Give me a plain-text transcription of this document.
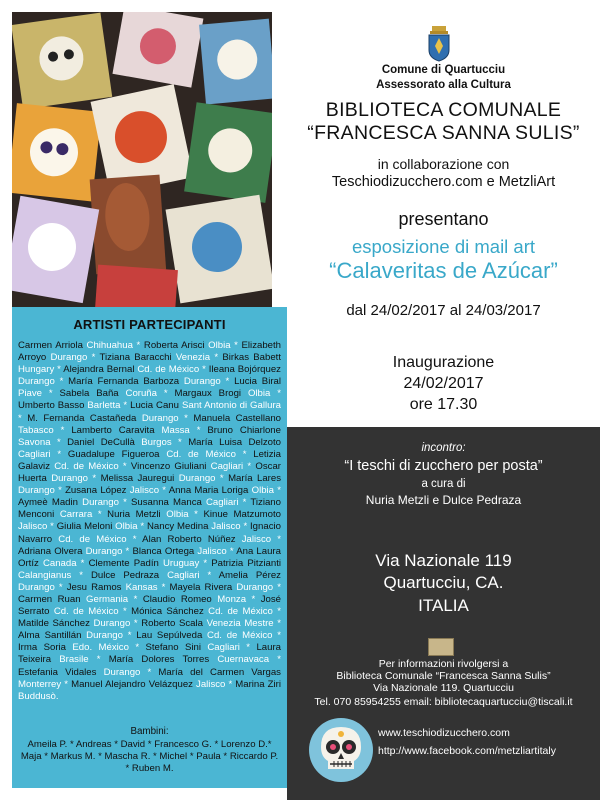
ARTISTI PARTECIPANTI
Carmen Arriola Chihuahua * Roberta Arisci Olbia * Elizabeth Arroyo Durango * Tiziana Baracchi Venezia * Birkas Babett Hungary * Alejandra Bernal Cd. de México * Ileana Bojórquez Durango * María Fernanda Barboza Durango * Lucia Biral Piave * Sabela Baña Coruña * Margaux Brogi Olbia * Umberto Basso Barletta * Lucia Canu Sant Antonio di Gallura * M. Fernanda Castañeda Durango * Manuela Castellano Tabasco * Lamberto Caravita Massa * Bruno Chiarlone Savona * Daniel DeCullà Burgos * María Luisa Delzoto Cagliari * Guadalupe Figueroa Cd. de México * Letizia Galaviz Cd. de México * Vincenzo Giuliani Cagliari * Oscar Huerta Durango * Melissa Jauregui Durango * María Lares Durango * Zusana López Jalisco * Anna Maria Loriga Olbia * Aymeè Madin Durango * Susanna Manca Cagliari * Tiziano Menconi Carrara * Nuria Metzli Olbia * Kinue Matzumoto Jalisco * Giulia Meloni Olbia * Nancy Medina Jalisco * Ignacio Navarro Cd. de México * Alan Roberto Núñez Jalisco * Adriana Olvera Durango * Blanca Ortega Jalisco * Ana Laura Ortíz Canada * Clemente Padín Uruguay * Patrizia Pitzianti Calangianus * Dulce Pedraza Cagliari * Amelia Pérez Durango * Jesu Ramos Kansas * Mayela Rivera Durango * Carmen Ruan Germania * Claudio Romeo Monza * José Serrato Cd. de México * Mónica Sánchez Cd. de México * Matilde Sánchez Durango * Roberto Scala Venezia Mestre * Alma Santillán Durango * Lau Sepúlveda Cd. de México * Irma Soria Edo. México * Stefano Sini Cagliari * Laura Teixeira Brasile * María Dolores Torres Cuernavaca * Estefania Vidales Durango * María del Carmen Vargas Monterrey * Manuel Alejandro Velázquez Jalisco * Marina Ziri Buddusò.
Bambini:
Ameila P. * Andreas * David * Francesco G. * Lorenzo D.* Maja * Markus M. * Mascha R. * Michel * Paula * Riccardo P. * Ruben M.
Comune di Quartucciu
Assessorato alla Cultura
BIBLIOTECA COMUNALE
“FRANCESCA SANNA SULIS”
in collaborazione con
Teschiodizucchero.com e MetzliArt
presentano
esposizione di mail art
“Calaveritas de Azúcar”
dal 24/02/2017 al 24/03/2017
Inaugurazione
24/02/2017
ore 17.30
incontro:
“I teschi di zucchero per posta”
a cura di
Nuria Metzli e Dulce Pedraza
Via Nazionale 119
Quartucciu, CA.
ITALIA
Per informazioni rivolgersi a
Biblioteca Comunale “Francesca Sanna Sulis”
Via Nazionale 119. Quartucciu
Tel. 070 85954255 email: bibliotecaquartucciu@tiscali.it
www.teschiodizucchero.com
http://www.facebook.com/metzliartitaly
